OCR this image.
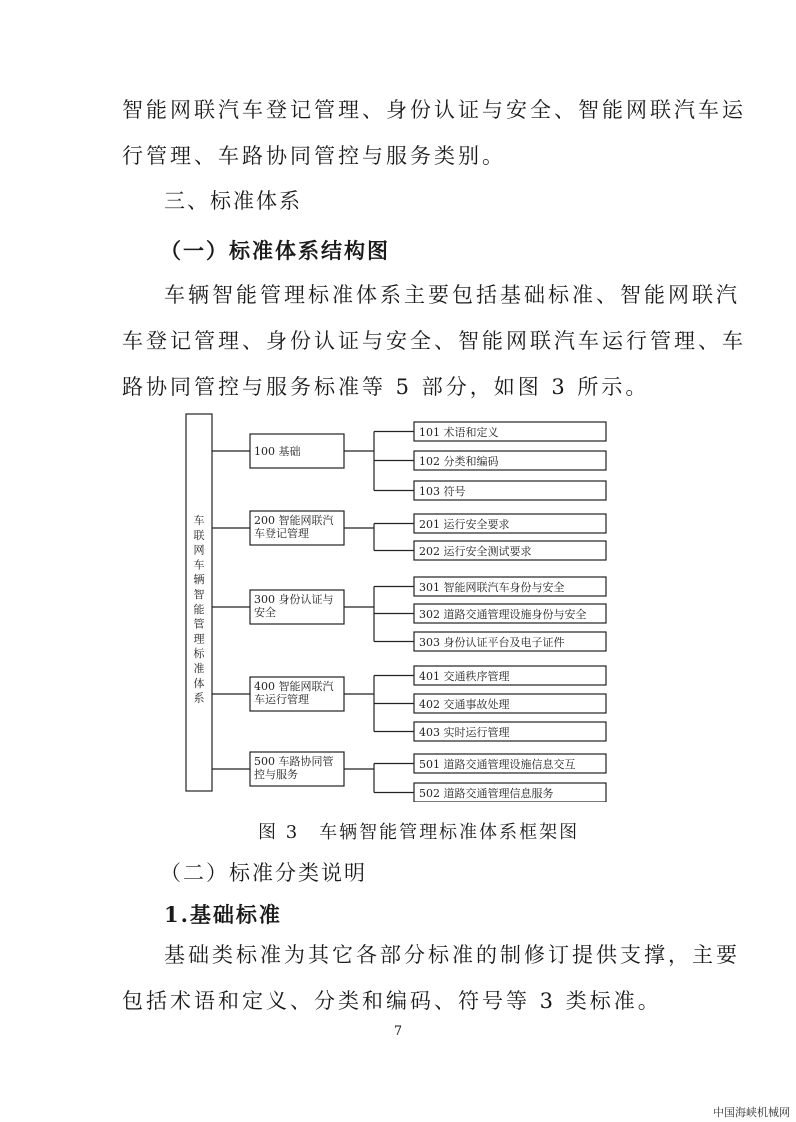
智能网联汽车登记管理、身份认证与安全、智能网联汽车运

行管理、车路协同管控与服务类别。

三、标准体系

（一）标准体系结构图

车辆智能管理标准体系主要包括基础标准、智能网联汽

车登记管理、身份认证与安全、智能网联汽车运行管理、车

路协同管控与服务标准等 5 部分，如图 3 所示。

车
联
网
车
辆
智
能
管
理
标
准
体
系
100 基础
101 术语和定义
102 分类和编码
103 符号
200 智能网联汽
车登记管理
201 运行安全要求
202 运行安全测试要求
300 身份认证与
安全
301 智能网联汽车身份与安全
302 道路交通管理设施身份与安全
303 身份认证平台及电子证件
400 智能网联汽
车运行管理
401 交通秩序管理
402 交通事故处理
403 实时运行管理
500 车路协同管
控与服务
501 道路交通管理设施信息交互
502 道路交通管理信息服务

图 3　车辆智能管理标准体系框架图

（二）标准分类说明

1.基础标准

基础类标准为其它各部分标准的制修订提供支撑，主要

包括术语和定义、分类和编码、符号等 3 类标准。

7

中国海峡机械网
